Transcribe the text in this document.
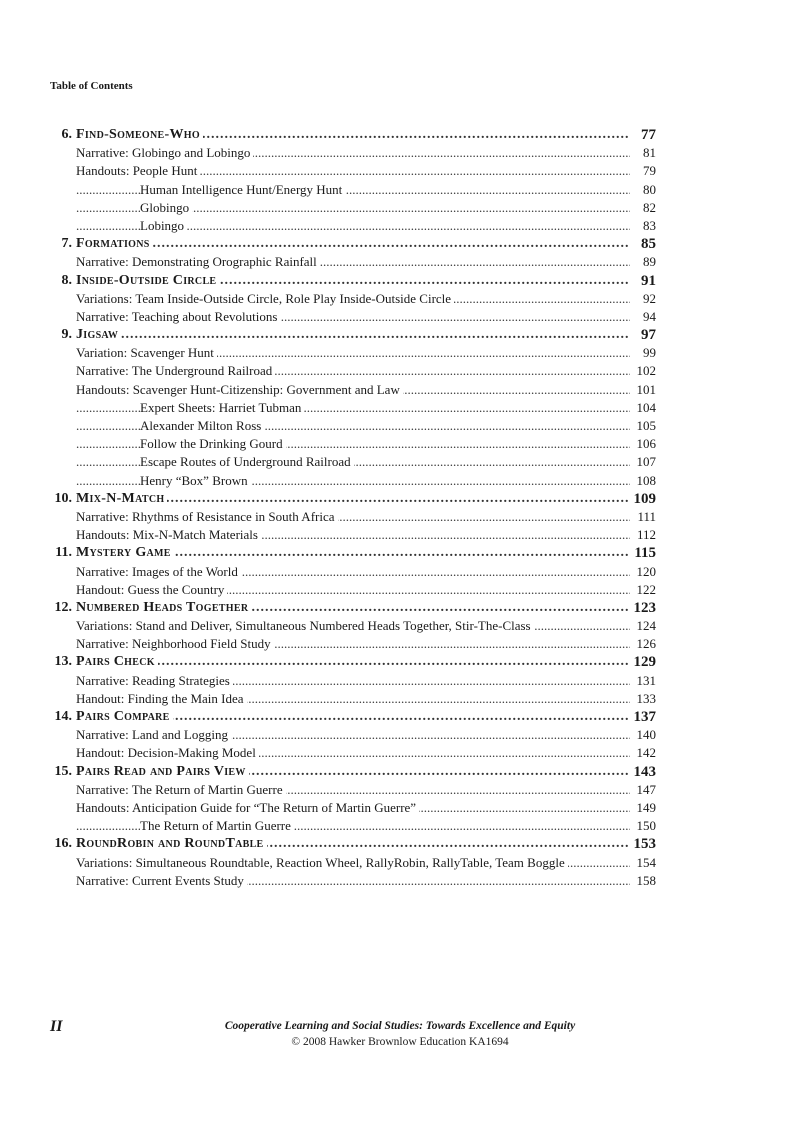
Table of Contents
.....
6. Find-Someone-Who	77
.....
Narrative: Globingo and Lobingo	81
.....
Handouts: People Hunt	79
.....
Human Intelligence Hunt/Energy Hunt	80
.....
Globingo	82
.....
Lobingo	83
.....
7. Formations	85
.....
Narrative: Demonstrating Orographic Rainfall	89
.....
8. Inside-Outside Circle	91
.....
Variations: Team Inside-Outside Circle, Role Play Inside-Outside Circle	92
.....
Narrative: Teaching about Revolutions	94
.....
9. Jigsaw	97
.....
Variation: Scavenger Hunt	99
.....
Narrative: The Underground Railroad	102
.....
Handouts: Scavenger Hunt-Citizenship: Government and Law	101
.....
Expert Sheets: Harriet Tubman	104
.....
Alexander Milton Ross	105
.....
Follow the Drinking Gourd	106
.....
Escape Routes of Underground Railroad	107
.....
Henry “Box” Brown	108
.....
10. Mix-N-Match	109
.....
Narrative: Rhythms of Resistance in South Africa	111
.....
Handouts: Mix-N-Match Materials	112
.....
11. Mystery Game	115
.....
Narrative: Images of the World	120
.....
Handout: Guess the Country	122
.....
12. Numbered Heads Together	123
.....
Variations: Stand and Deliver, Simultaneous Numbered Heads Together, Stir-The-Class	124
.....
Narrative: Neighborhood Field Study	126
.....
13. Pairs Check	129
.....
Narrative: Reading Strategies	131
.....
Handout: Finding the Main Idea	133
.....
14. Pairs Compare	137
.....
Narrative: Land and Logging	140
.....
Handout: Decision-Making Model	142
.....
15. Pairs Read and Pairs View	143
.....
Narrative: The Return of Martin Guerre	147
.....
Handouts: Anticipation Guide for “The Return of Martin Guerre”	149
.....
The Return of Martin Guerre	150
.....
16. RoundRobin and RoundTable	153
.....
Variations: Simultaneous Roundtable, Reaction Wheel, RallyRobin, RallyTable, Team Boggle	154
.....
Narrative: Current Events Study	158
II	Cooperative Learning and Social Studies: Towards Excellence and Equity
© 2008 Hawker Brownlow Education KA1694
